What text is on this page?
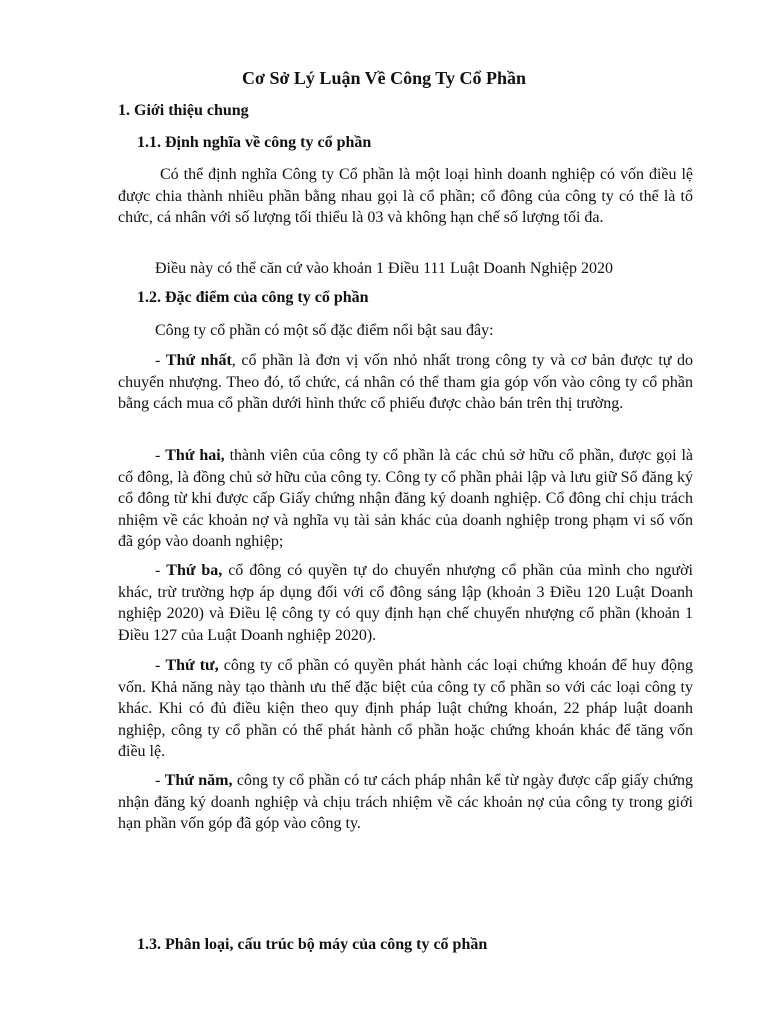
Cơ Sở Lý Luận Về Công Ty Cổ Phần
1. Giới thiệu chung
1.1. Định nghĩa về công ty cổ phần

Có thể định nghĩa Công ty Cổ phần là một loại hình doanh nghiệp có vốn điều lệ được chia thành nhiều phần bằng nhau gọi là cổ phần; cổ đông của công ty có thể là tổ chức, cá nhân với số lượng tối thiểu là 03 và không hạn chế số lượng tối đa.

Điều này có thể căn cứ vào khoản 1 Điều 111 Luật Doanh Nghiệp 2020

1.2. Đặc điểm của công ty cổ phần

Công ty cổ phần có một số đặc điểm nổi bật sau đây:

- Thứ nhất, cổ phần là đơn vị vốn nhỏ nhất trong công ty và cơ bản được tự do chuyển nhượng. Theo đó, tổ chức, cá nhân có thể tham gia góp vốn vào công ty cổ phần bằng cách mua cổ phần dưới hình thức cổ phiếu được chào bán trên thị trường.

- Thứ hai, thành viên của công ty cổ phần là các chủ sở hữu cổ phần, được gọi là cổ đông, là đồng chủ sở hữu của công ty. Công ty cổ phần phải lập và lưu giữ Sổ đăng ký cổ đông từ khi được cấp Giấy chứng nhận đăng ký doanh nghiệp. Cổ đông chỉ chịu trách nhiệm về các khoản nợ và nghĩa vụ tài sản khác của doanh nghiệp trong phạm vi số vốn đã góp vào doanh nghiệp;

- Thứ ba, cổ đông có quyền tự do chuyển nhượng cổ phần của mình cho người khác, trừ trường hợp áp dụng đối với cổ đông sáng lập (khoản 3 Điều 120 Luật Doanh nghiệp 2020) và Điều lệ công ty có quy định hạn chế chuyển nhượng cổ phần (khoản 1 Điều 127 của Luật Doanh nghiệp 2020).

- Thứ tư, công ty cổ phần có quyền phát hành các loại chứng khoán để huy động vốn. Khả năng này tạo thành ưu thế đặc biệt của công ty cổ phần so với các loại công ty khác. Khi có đủ điều kiện theo quy định pháp luật chứng khoán, 22 pháp luật doanh nghiệp, công ty cổ phần có thể phát hành cổ phần hoặc chứng khoán khác để tăng vốn điều lệ.

- Thứ năm, công ty cổ phần có tư cách pháp nhân kể từ ngày được cấp giấy chứng nhận đăng ký doanh nghiệp và chịu trách nhiệm về các khoản nợ của công ty trong giới hạn phần vốn góp đã góp vào công ty.

1.3. Phân loại, cấu trúc bộ máy của công ty cổ phần
